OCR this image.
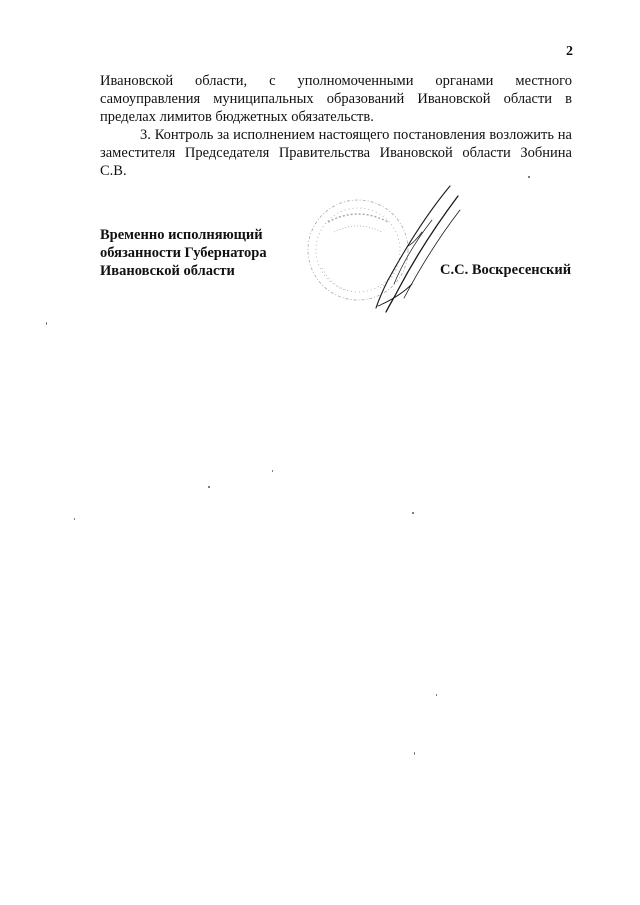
2

Ивановской области, с уполномоченными органами местного самоуправления муниципальных образований Ивановской области в пределах лимитов бюджетных обязательств.

3. Контроль за исполнением настоящего постановления возложить на заместителя Председателя Правительства Ивановской области Зобнина С.В.

Временно исполняющий
обязанности Губернатора
Ивановской области	С.С. Воскресенский
